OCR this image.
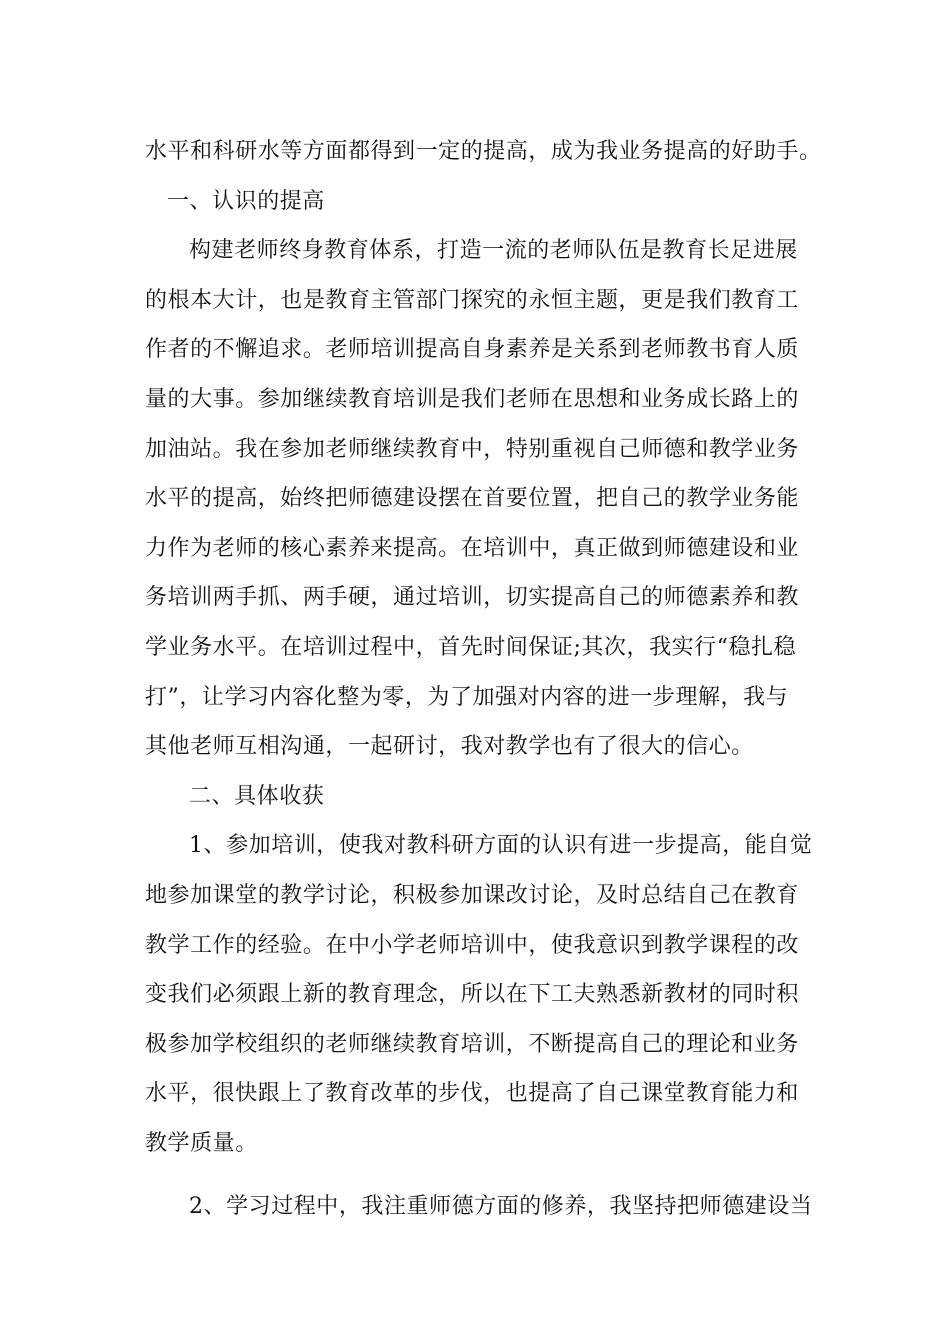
水平和科研水等方面都得到一定的提高，成为我业务提高的好助手。
一、认识的提高
构建老师终身教育体系，打造一流的老师队伍是教育长足进展
的根本大计，也是教育主管部门探究的永恒主题，更是我们教育工
作者的不懈追求。老师培训提高自身素养是关系到老师教书育人质
量的大事。参加继续教育培训是我们老师在思想和业务成长路上的
加油站。我在参加老师继续教育中，特别重视自己师德和教学业务
水平的提高，始终把师德建设摆在首要位置，把自己的教学业务能
力作为老师的核心素养来提高。在培训中，真正做到师德建设和业
务培训两手抓、两手硬，通过培训，切实提高自己的师德素养和教
学业务水平。在培训过程中，首先时间保证;其次，我实行“稳扎稳
打”，让学习内容化整为零，为了加强对内容的进一步理解，我与
其他老师互相沟通，一起研讨，我对教学也有了很大的信心。
二、具体收获
1、参加培训，使我对教科研方面的认识有进一步提高，能自觉
地参加课堂的教学讨论，积极参加课改讨论，及时总结自己在教育
教学工作的经验。在中小学老师培训中，使我意识到教学课程的改
变我们必须跟上新的教育理念，所以在下工夫熟悉新教材的同时积
极参加学校组织的老师继续教育培训，不断提高自己的理论和业务
水平，很快跟上了教育改革的步伐，也提高了自己课堂教育能力和
教学质量。
2、学习过程中，我注重师德方面的修养，我坚持把师德建设当
